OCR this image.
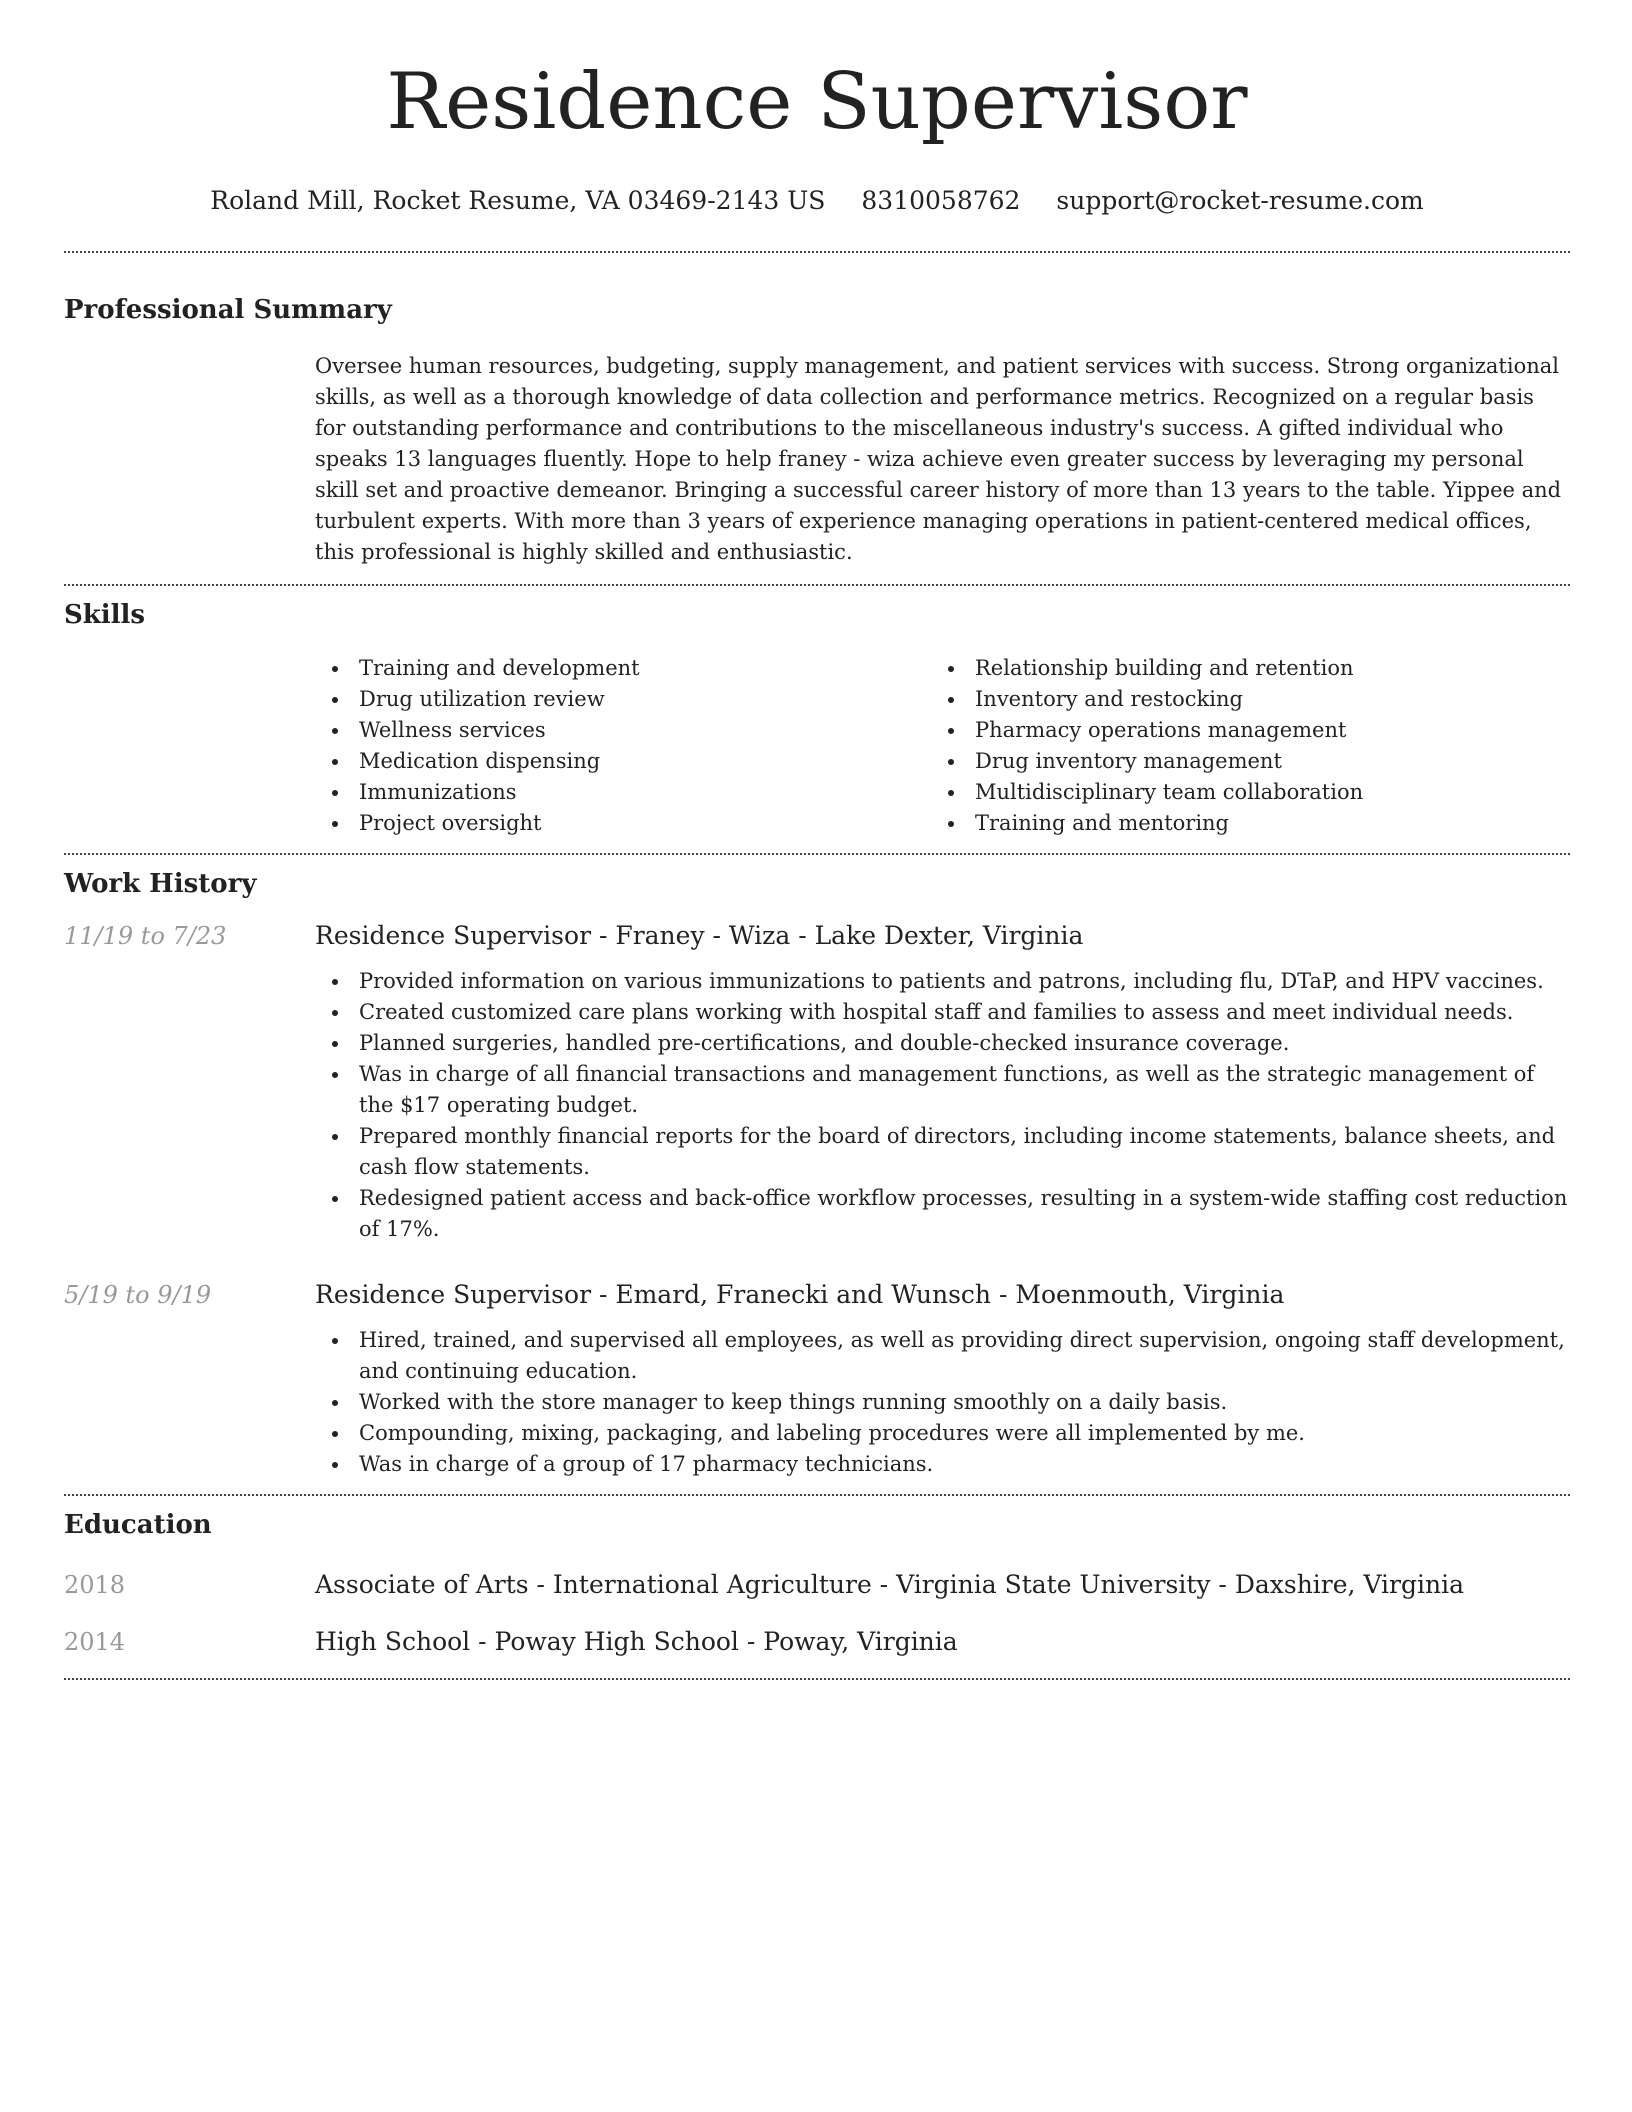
Residence Supervisor
Roland Mill, Rocket Resume, VA 03469-2143 US 8310058762 support@rocket-resume.com
Professional Summary

Oversee human resources, budgeting, supply management, and patient services with success. Strong organizational skills, as well as a thorough knowledge of data collection and performance metrics. Recognized on a regular basis for outstanding performance and contributions to the miscellaneous industry's success. A gifted individual who speaks 13 languages fluently. Hope to help franey - wiza achieve even greater success by leveraging my personal skill set and proactive demeanor. Bringing a successful career history of more than 13 years to the table. Yippee and turbulent experts. With more than 3 years of experience managing operations in patient-centered medical offices, this professional is highly skilled and enthusiastic.

Skills
Training and development
Drug utilization review
Wellness services
Medication dispensing
Immunizations
Project oversight
Relationship building and retention
Inventory and restocking
Pharmacy operations management
Drug inventory management
Multidisciplinary team collaboration
Training and mentoring
Work History
11/19 to 7/23	Residence Supervisor - Franey - Wiza - Lake Dexter, Virginia
Provided information on various immunizations to patients and patrons, including flu, DTaP, and HPV vaccines.
Created customized care plans working with hospital staff and families to assess and meet individual needs.
Planned surgeries, handled pre-certifications, and double-checked insurance coverage.
Was in charge of all financial transactions and management functions, as well as the strategic management of the $17 operating budget.
Prepared monthly financial reports for the board of directors, including income statements, balance sheets, and cash flow statements.
Redesigned patient access and back-office workflow processes, resulting in a system-wide staffing cost reduction of 17%.
5/19 to 9/19	Residence Supervisor - Emard, Franecki and Wunsch - Moenmouth, Virginia
Hired, trained, and supervised all employees, as well as providing direct supervision, ongoing staff development, and continuing education.
Worked with the store manager to keep things running smoothly on a daily basis.
Compounding, mixing, packaging, and labeling procedures were all implemented by me.
Was in charge of a group of 17 pharmacy technicians.
Education
2018	Associate of Arts - International Agriculture - Virginia State University - Daxshire, Virginia
2014	High School - Poway High School - Poway, Virginia
